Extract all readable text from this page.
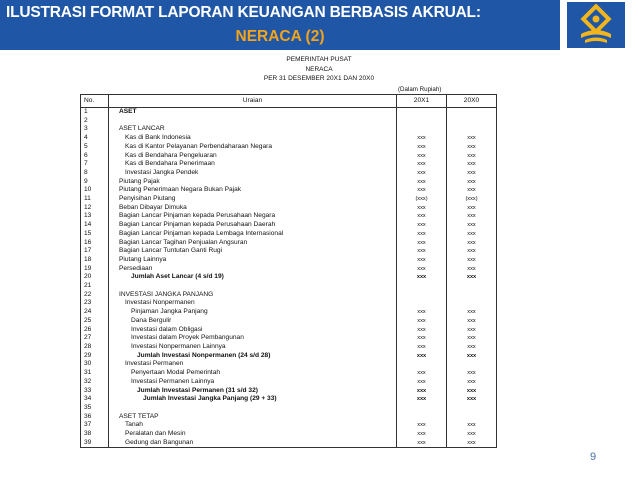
ILUSTRASI FORMAT LAPORAN KEUANGAN BERBASIS AKRUAL:
NERACA (2)
PEMERINTAH PUSAT
NERACA
PER 31 DESEMBER 20X1 DAN 20X0
(Dalam Rupiah)
No.	Uraian	20X1	20X0
1	ASET		
2			
3	ASET LANCAR		
4	Kas di Bank Indonesia	xxx	xxx
5	Kas di Kantor Pelayanan Perbendaharaan Negara	xxx	xxx
6	Kas di Bendahara Pengeluaran	xxx	xxx
7	Kas di Bendahara Penerimaan	xxx	xxx
8	Investasi Jangka Pendek	xxx	xxx
9	Piutang Pajak	xxx	xxx
10	Piutang Penerimaan Negara Bukan Pajak	xxx	xxx
11	Penyisihan Piutang	(xxx)	(xxx)
12	Beban Dibayar Dimuka	xxx	xxx
13	Bagian Lancar Pinjaman kepada Perusahaan Negara	xxx	xxx
14	Bagian Lancar Pinjaman kepada Perusahaan Daerah	xxx	xxx
15	Bagian Lancar Pinjaman kepada Lembaga Internasional	xxx	xxx
16	Bagian Lancar Tagihan Penjualan Angsuran	xxx	xxx
17	Bagian Lancar Tuntutan Ganti Rugi	xxx	xxx
18	Piutang Lainnya	xxx	xxx
19	Persediaan	xxx	xxx
20	Jumlah Aset Lancar (4 s/d 19)	xxx	xxx
21			
22	INVESTASI JANGKA PANJANG		
23	Investasi Nonpermanen		
24	Pinjaman Jangka Panjang	xxx	xxx
25	Dana Bergulir	xxx	xxx
26	Investasi dalam Obligasi	xxx	xxx
27	Investasi dalam Proyek Pembangunan	xxx	xxx
28	Investasi Nonpermanen Lainnya	xxx	xxx
29	Jumlah Investasi Nonpermanen (24 s/d 28)	xxx	xxx
30	Investasi Permanen		
31	Penyertaan Modal Pemerintah	xxx	xxx
32	Investasi Permanen Lainnya	xxx	xxx
33	Jumlah Investasi Permanen (31 s/d 32)	xxx	xxx
34	Jumlah Investasi Jangka Panjang (29 + 33)	xxx	xxx
35			
36	ASET TETAP		
37	Tanah	xxx	xxx
38	Peralatan dan Mesin	xxx	xxx
39	Gedung dan Bangunan	xxx	xxx
9
